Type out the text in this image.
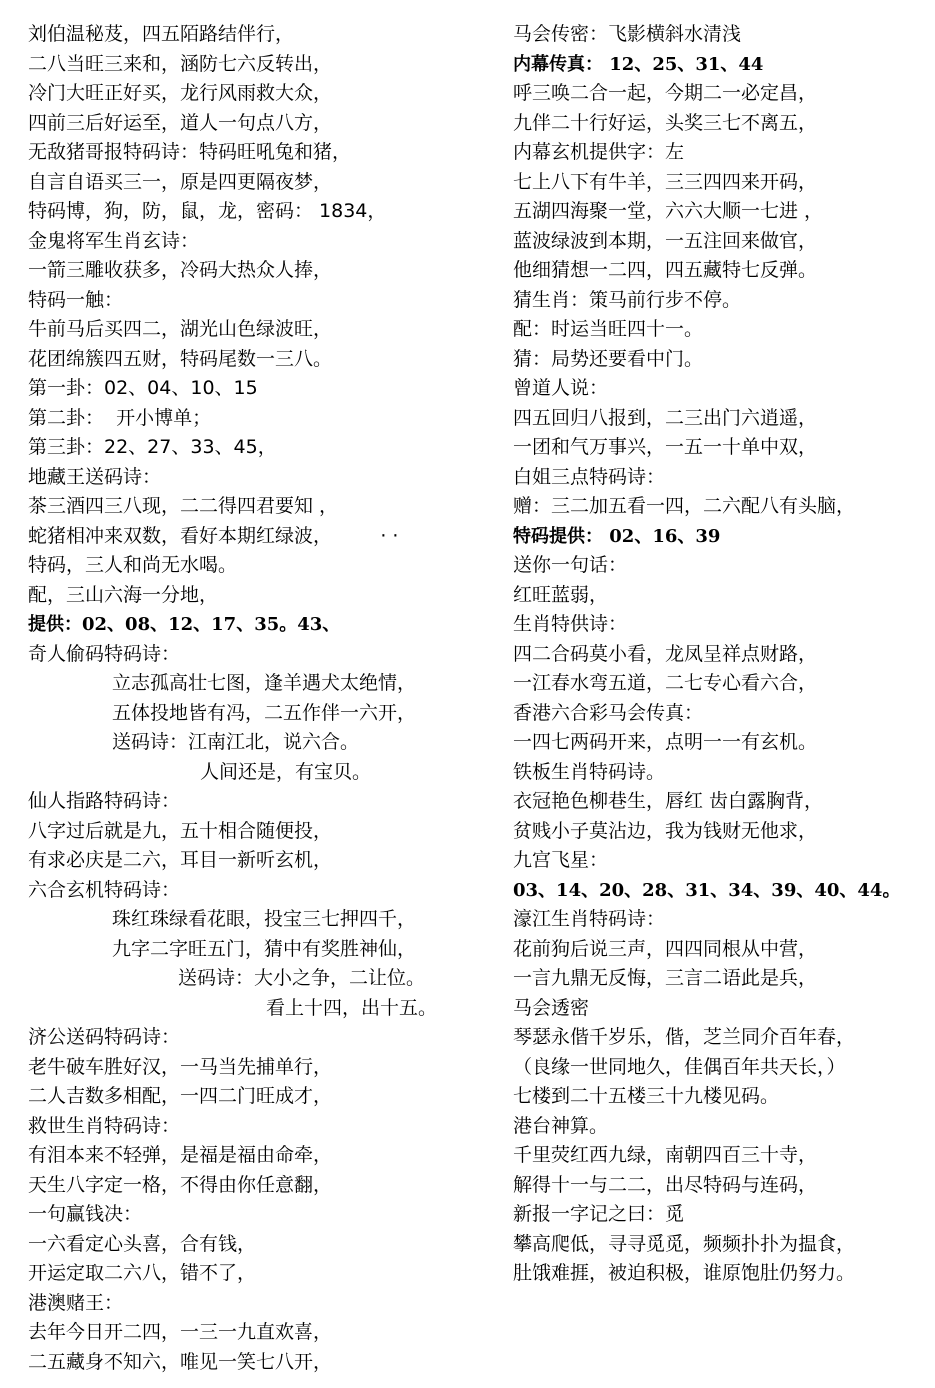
刘伯温秘芨，四五陌路结伴行，
二八当旺三来和，涵防七六反转出，
冷门大旺正好买，龙行风雨救大众，
四前三后好运至，道人一句点八方，
无敌猪哥报特码诗：特码旺吼兔和猪，
自言自语买三一，原是四更隔夜梦，
特码博，狗，防，鼠，龙，密码： 1834，
金鬼将军生肖玄诗：
一箭三雕收获多，冷码大热众人捧，
特码一触：
牛前马后买四二，湖光山色绿波旺，
花团绵簇四五财，特码尾数一三八。
第一卦：02、04、10、15
第二卦：  开小博单；
第三卦：22、27、33、45，
地藏王送码诗：
茶三酒四三八现，二二得四君要知 ，
蛇猪相冲来双数，看好本期红绿波，        · ·
特码，三人和尚无水喝。
配，三山六海一分地，
提供：02、08、12、17、35。43、
奇人偷码特码诗：
立志孤高壮七图，逢羊遇犬太绝情，
五体投地皆有冯，二五作伴一六开，
送码诗：江南江北，说六合。
人间还是，有宝贝。
仙人指路特码诗：
八字过后就是九，五十相合随便投，
有求必庆是二六，耳目一新听玄机，
六合玄机特码诗：
珠红珠绿看花眼，投宝三七押四千，
九字二字旺五门，猜中有奖胜神仙，
送码诗：大小之争，二让位。
看上十四，出十五。
济公送码特码诗：
老牛破车胜好汉，一马当先捕单行，
二人吉数多相配，一四二门旺成才，
救世生肖特码诗：
有泪本来不轻弹，是福是福由命牵，
天生八字定一格，不得由你任意翻，
一句赢钱决：
一六看定心头喜，合有钱，
开运定取二六八，错不了，
港澳赌王：
去年今日开二四，一三一九直欢喜，
二五藏身不知六，唯见一笑七八开，
马会传密：飞影横斜水清浅
内幕传真： 12、25、31、44
呼三唤二合一起，今期二一必定昌，
九伴二十行好运，头奖三七不离五，
内幕玄机提供字：左
七上八下有牛羊，三三四四来开码，
五湖四海聚一堂，六六大顺一七进 ，
蓝波绿波到本期，一五注回来做官，
他细猜想一二四，四五藏特七反弹。
猜生肖：策马前行步不停。
配：时运当旺四十一。
猜：局势还要看中门。
曾道人说：
四五回归八报到，二三出门六逍遥，
一团和气万事兴，一五一十单中双，
白姐三点特码诗：
赠：三二加五看一四，二六配八有头脑，
特码提供： 02、16、39
送你一句话：
红旺蓝弱，
生肖特供诗：
四二合码莫小看，龙凤呈祥点财路，
一江春水弯五道，二七专心看六合，
香港六合彩马会传真：
一四七两码开来，点明一一有玄机。
铁板生肖特码诗。
衣冠艳色柳巷生，唇红 齿白露胸背，
贫贱小子莫沾边，我为钱财无他求，
九宫飞星：
03、14、20、28、31、34、39、40、44。
濠江生肖特码诗：
花前狗后说三声，四四同根从中营，
一言九鼎无反悔，三言二语此是兵，
马会透密
琴瑟永偕千岁乐，偕，芝兰同介百年春，
（良缘一世同地久，佳偶百年共天长，）
七楼到二十五楼三十九楼见码。
港台神算。
千里荧红西九绿，南朝四百三十寺，
解得十一与二二，出尽特码与连码，
新报一字记之曰：觅
攀高爬低，寻寻觅觅，频频扑扑为揾食，
肚饿难捱，被迫积极，谁原饱肚仍努力。
